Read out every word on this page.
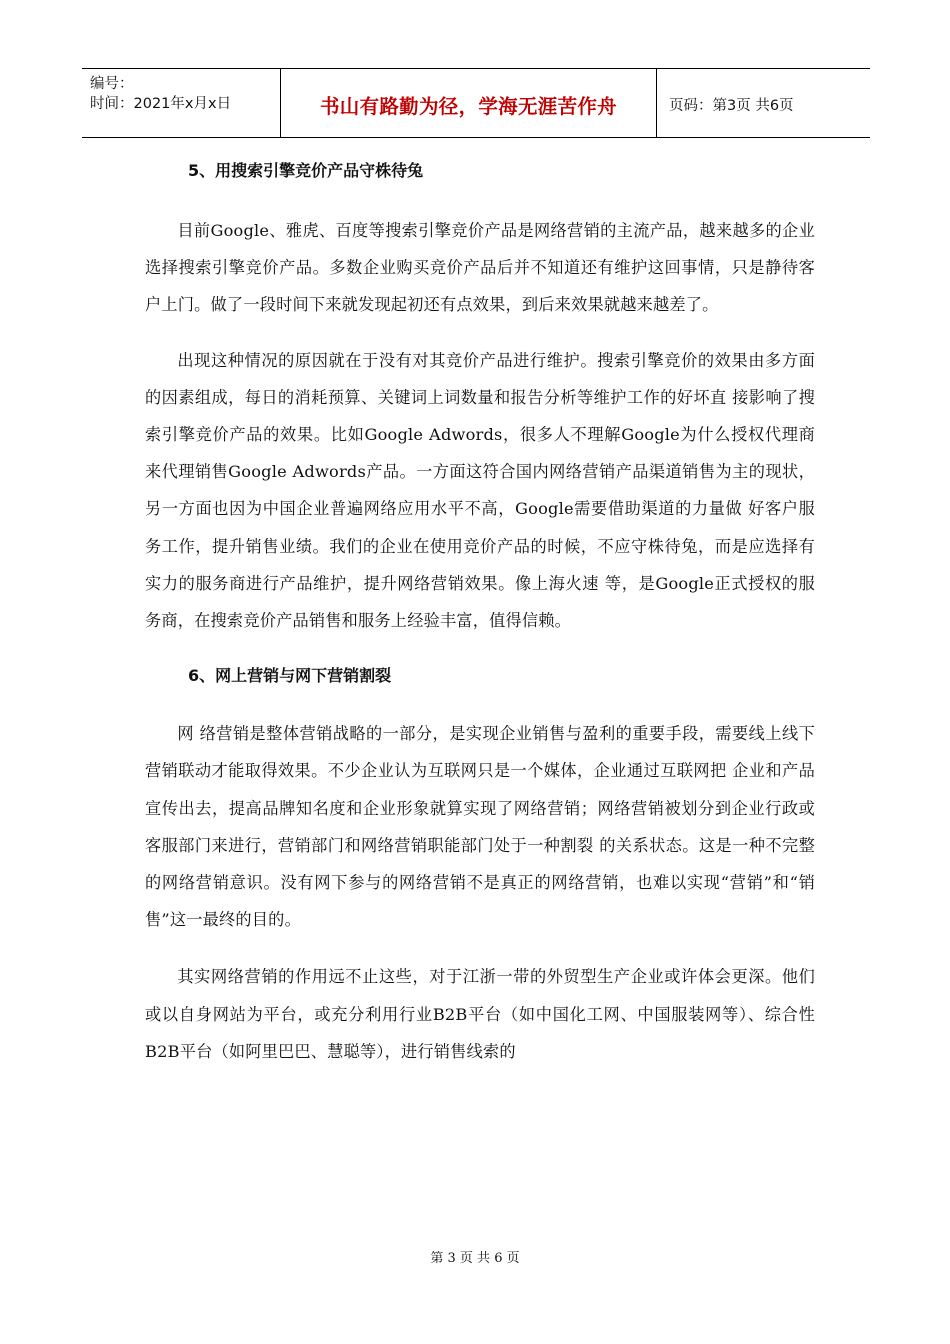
编号：
时间：2021年x月x日	书山有路勤为径，学海无涯苦作舟	页码：第3页 共6页
5、用搜索引擎竞价产品守株待兔

目前Google、雅虎、百度等搜索引擎竞价产品是网络营销的主流产品，越来越多的企业选择搜索引擎竞价产品。多数企业购买竞价产品后并不知道还有维护这回事情，只是静待客户上门。做了一段时间下来就发现起初还有点效果，到后来效果就越来越差了。

出现这种情况的原因就在于没有对其竞价产品进行维护。搜索引擎竞价的效果由多方面的因素组成，每日的消耗预算、关键词上词数量和报告分析等维护工作的好坏直 接影响了搜索引擎竞价产品的效果。比如Google Adwords，很多人不理解Google为什么授权代理商来代理销售Google Adwords产品。一方面这符合国内网络营销产品渠道销售为主的现状，另一方面也因为中国企业普遍网络应用水平不高，Google需要借助渠道的力量做 好客户服务工作，提升销售业绩。我们的企业在使用竞价产品的时候，不应守株待兔，而是应选择有实力的服务商进行产品维护，提升网络营销效果。像上海火速 等，是Google正式授权的服务商，在搜索竞价产品销售和服务上经验丰富，值得信赖。

6、网上营销与网下营销割裂

网 络营销是整体营销战略的一部分，是实现企业销售与盈利的重要手段，需要线上线下营销联动才能取得效果。不少企业认为互联网只是一个媒体，企业通过互联网把 企业和产品宣传出去，提高品牌知名度和企业形象就算实现了网络营销；网络营销被划分到企业行政或客服部门来进行，营销部门和网络营销职能部门处于一种割裂 的关系状态。这是一种不完整的网络营销意识。没有网下参与的网络营销不是真正的网络营销，也难以实现“营销”和“销售”这一最终的目的。

其实网络营销的作用远不止这些，对于江浙一带的外贸型生产企业或许体会更深。他们或以自身网站为平台，或充分利用行业B2B平台（如中国化工网、中国服装网等）、综合性B2B平台（如阿里巴巴、慧聪等），进行销售线索的

第 3 页 共 6 页
